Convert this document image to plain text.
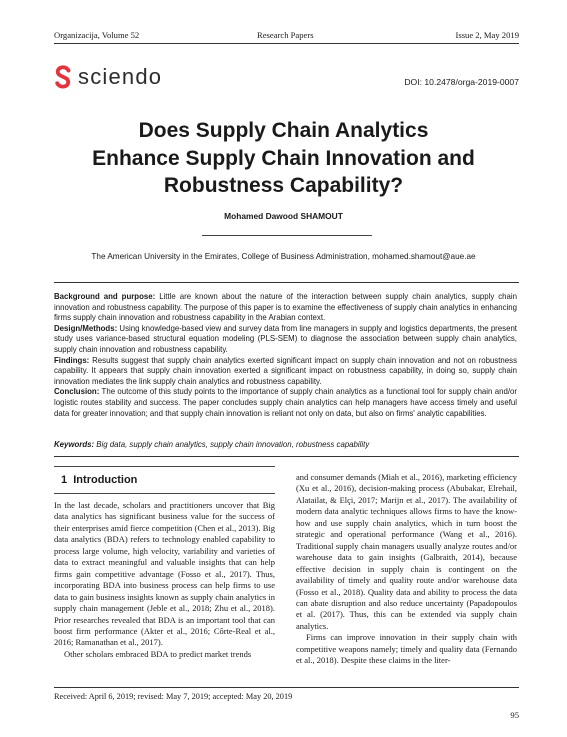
Organizacija, Volume 52	Research Papers	Issue 2, May 2019
sciendo	DOI: 10.2478/orga-2019-0007
Does Supply Chain Analytics
Enhance Supply Chain Innovation and
Robustness Capability?
Mohamed Dawood SHAMOUT
The American University in the Emirates, College of Business Administration, mohamed.shamout@aue.ae

Background and purpose: Little are known about the nature of the interaction between supply chain analytics, supply chain innovation and robustness capability. The purpose of this paper is to examine the effectiveness of supply chain analytics in enhancing firms supply chain innovation and robustness capability in the Arabian context.

Design/Methods: Using knowledge-based view and survey data from line managers in supply and logistics departments, the present study uses variance-based structural equation modeling (PLS-SEM) to diagnose the association between supply chain analytics, supply chain innovation and robustness capability.

Findings: Results suggest that supply chain analytics exerted significant impact on supply chain innovation and not on robustness capability. It appears that supply chain innovation exerted a significant impact on robustness capability, in doing so, supply chain innovation mediates the link supply chain analytics and robustness capability.

Conclusion: The outcome of this study points to the importance of supply chain analytics as a functional tool for supply chain and/or logistic routes stability and success. The paper concludes supply chain analytics can help managers have access timely and useful data for greater innovation; and that supply chain innovation is reliant not only on data, but also on firms' analytic capabilities.

Keywords: Big data, supply chain analytics, supply chain innovation, robustness capability
1 Introduction

In the last decade, scholars and practitioners uncover that Big data analytics has significant business value for the success of their enterprises amid fierce competition (Chen et al., 2013). Big data analytics (BDA) refers to technology enabled capability to process large volume, high velocity, variability and varieties of data to extract meaningful and valuable insights that can help firms gain competitive advantage (Fosso et al., 2017). Thus, incorporating BDA into business process can help firms to use data to gain business insights known as supply chain analytics in supply chain management (Jeble et al., 2018; Zhu et al., 2018). Prior researches revealed that BDA is an important tool that can boost firm performance (Akter et al., 2016; Côrte-Real et al., 2016; Ramanathan et al., 2017).

Other scholars embraced BDA to predict market trends

and consumer demands (Miah et al., 2016), marketing efficiency (Xu et al., 2016), decision-making process (Abubakar, Elrehail, Alatailat, & Elçi, 2017; Marijn et al., 2017). The availability of modern data analytic techniques allows firms to have the know-how and use supply chain analytics, which in turn boost the strategic and operational performance (Wang et al., 2016). Traditional supply chain managers usually analyze routes and/or warehouse data to gain insights (Galbraith, 2014), because effective decision in supply chain is contingent on the availability of timely and quality route and/or warehouse data (Fosso et al., 2018). Quality data and ability to process the data can abate disruption and also reduce uncertainty (Papadopoulos et al. (2017). Thus, this can be extended via supply chain analytics.

Firms can improve innovation in their supply chain with competitive weapons namely; timely and quality data (Fernando et al., 2018). Despite these claims in the liter-

Received: April 6, 2019; revised: May 7, 2019; accepted: May 20, 2019
95
